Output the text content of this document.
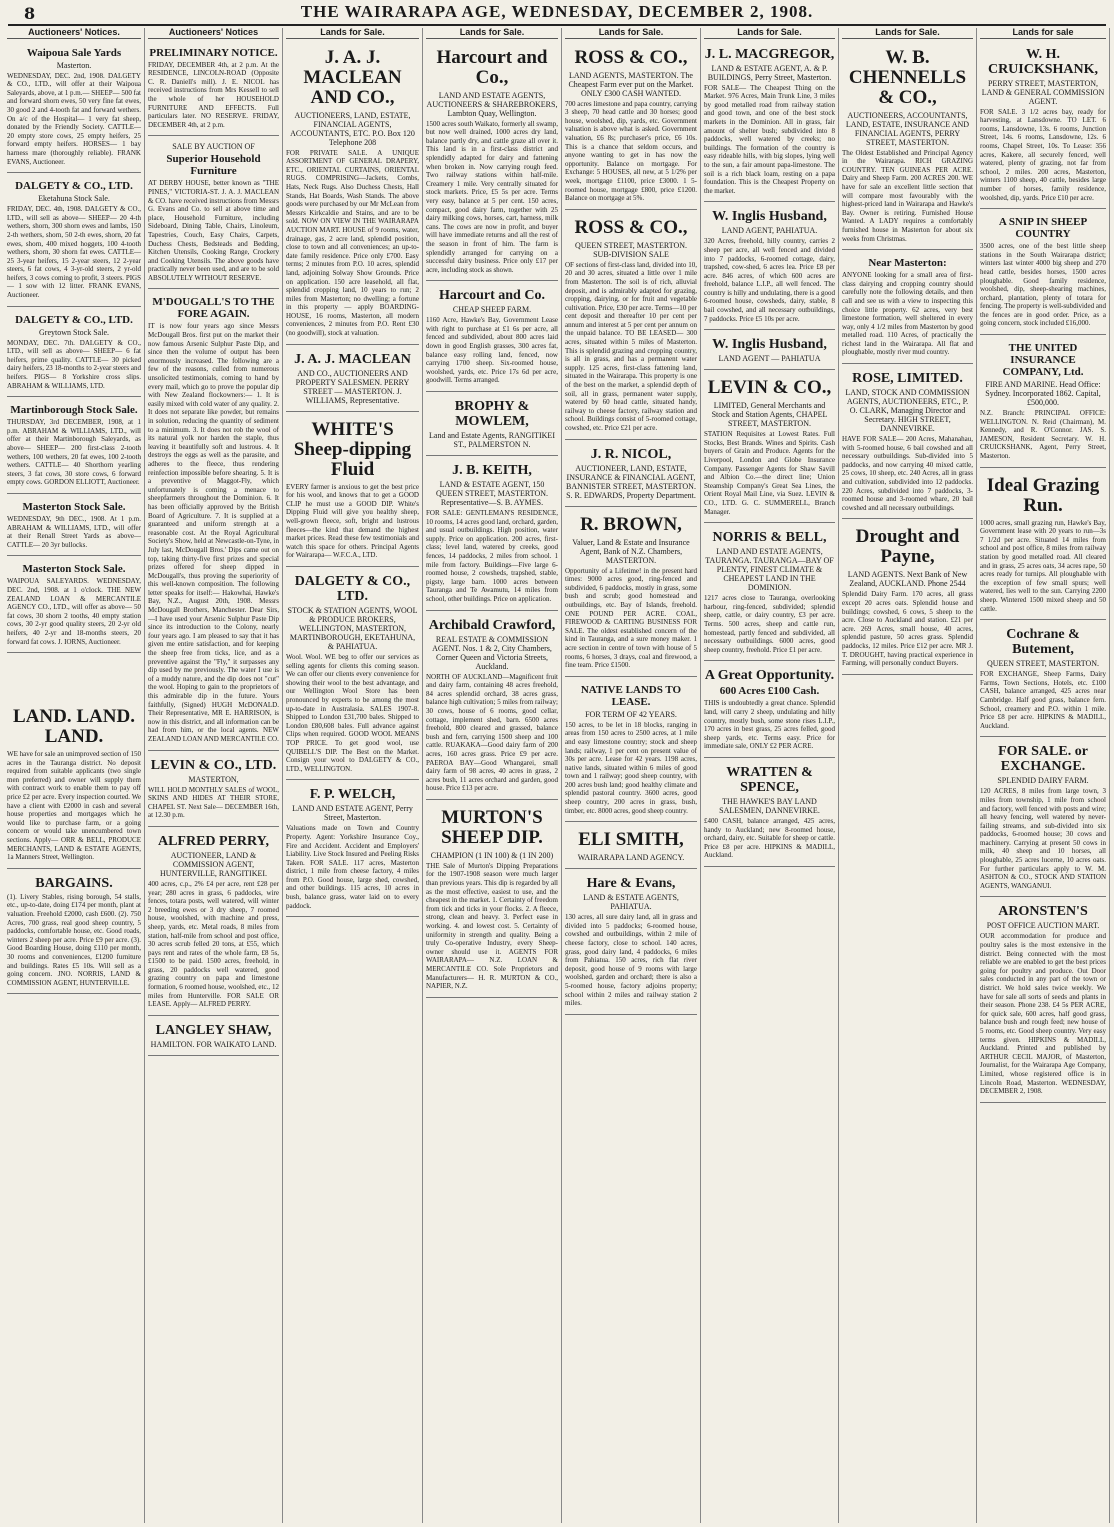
8	THE WAIRARAPA AGE, WEDNESDAY, DECEMBER 2, 1908.
Auctioneers' Notices.
Waipoua Sale Yards
Masterton.
WEDNESDAY, DEC. 2nd, 1908. DALGETY & CO., LTD., will offer at their Waipoua Saleyards, above, at 1 p.m.— SHEEP— 500 fat and forward shorn ewes, 50 very fine fat ewes, 30 good 2 and 4-tooth fat and forward wethers. On a/c of the Hospital— 1 very fat sheep, donated by the Friendly Society. CATTLE— 20 empty store cows, 25 empty heifers, 25 forward empty heifers. HORSES— 1 bay harness mare (thoroughly reliable). FRANK EVANS, Auctioneer.
DALGETY & CO., LTD.
Eketahuna Stock Sale.
FRIDAY, DEC. 4th, 1908. DALGETY & CO., LTD., will sell as above— SHEEP— 20 4-th wethers, shorn, 300 shorn ewes and lambs, 150 2-th wethers, shorn, 50 2-th ewes, shorn, 20 fat ewes, shorn, 400 mixed hoggets, 100 4-tooth wethers, shorn, 30 shorn fat ewes. CATTLE— 25 3-year heifers, 15 2-year steers, 12 2-year steers, 6 fat cows, 4 3-yr-old steers, 2 yr-old heifers, 3 cows coming to profit, 3 steers. PIGS— 1 sow with 12 litter. FRANK EVANS, Auctioneer.
DALGETY & CO., LTD.
Greytown Stock Sale.
MONDAY, DEC. 7th. DALGETY & CO., LTD., will sell as above— SHEEP— 6 fat heifers, prime quality. CATTLE— 30 picked dairy heifers, 23 18-months to 2-year steers and heifers. PIGS— 8 Yorkshire cross slips. ABRAHAM & WILLIAMS, LTD.
Martinborough Stock Sale.
THURSDAY, 3rd DECEMBER, 1908, at 1 p.m. ABRAHAM & WILLIAMS, LTD., will offer at their Martinborough Saleyards, as above— SHEEP— 200 first-class 2-tooth wethers, 100 wethers, 20 fat ewes, 100 2-tooth wethers. CATTLE— 40 Shorthorn yearling steers, 3 fat cows, 30 store cows, 6 forward empty cows. GORDON ELLIOTT, Auctioneer.
Masterton Stock Sale.
WEDNESDAY, 9th DEC., 1908. At 1 p.m. ABRAHAM & WILLIAMS, LTD., will offer at their Renall Street Yards as above— CATTLE— 20 3yr bullocks.
Masterton Stock Sale.
WAIPOUA SALEYARDS. WEDNESDAY, DEC. 2nd, 1908. at 1 o'clock. THE NEW ZEALAND LOAN & MERCANTILE AGENCY CO., LTD., will offer as above— 50 fat cows, 30 shorn 2 tooths, 40 empty station cows, 30 2-yr good quality steers, 20 2-yr old heifers, 40 2-yr and 18-months steers, 20 forward fat cows. J. IORNS, Auctioneer.
LAND. LAND. LAND.
WE have for sale an unimproved section of 150 acres in the Tauranga district. No deposit required from suitable applicants (two single men preferred) and owner will supply them with contract work to enable them to pay off price £2 per acre. Every inspection courted. We have a client with £2000 in cash and several house properties and mortgages which he would like to purchase farm, or a going concern or would take unencumbered town sections. Apply— ORR & BELL, PRODUCE MERCHANTS, LAND & ESTATE AGENTS, 1a Manners Street, Wellington.
BARGAINS.
(1). Livery Stables, rising borough, 54 stalls, etc., up-to-date, doing £174 per month, plant at valuation. Freehold £2000, cash £600. (2). 750 Acres, 700 grass, real good sheep country, 5 paddocks, comfortable house, etc. Good roads, winters 2 sheep per acre. Price £9 per acre. (3). Good Boarding House, doing £110 per month, 30 rooms and conveniences, £1200 furniture and buildings. Rates £5 10s. Will sell as a going concern. JNO. NORRIS, LAND & COMMISSION AGENT, HUNTERVILLE.
Auctioneers' Notices
PRELIMINARY NOTICE.
FRIDAY, DECEMBER 4th, at 2 p.m. At the RESIDENCE, LINCOLN-ROAD (Opposite C. R. Daniell's mill). J. E. NICOL has received instructions from Mrs Kessell to sell the whole of her HOUSEHOLD FURNITURE AND EFFECTS. Full particulars later. NO RESERVE. FRIDAY, DECEMBER 4th, at 2 p.m.
SALE BY AUCTION OF
Superior Household Furniture
AT DERBY HOUSE, better known as "THE PINES," VICTORIA-ST. J. A. J. MACLEAN & CO. have received instructions from Messrs G. Evans and Co. to sell at above time and place, Household Furniture, including Sideboard, Dining Table, Chairs, Linoleum, Tapestries, Couch, Easy Chairs, Carpets, Duchess Chests, Bedsteads and Bedding, Kitchen Utensils, Cooking Range, Crockery and Cooking Utensils. The above goods have practically never been used, and are to be sold ABSOLUTELY WITHOUT RESERVE.
M'DOUGALL'S TO THE FORE AGAIN.
IT is now four years ago since Messrs McDougall Bros. first put on the market their now famous Arsenic Sulphur Paste Dip, and since then the volume of output has been enormously increased. The following are a few of the reasons, culled from numerous unsolicited testimonials, coming to hand by every mail, which go to prove the popular dip with New Zealand flockowners:— 1. It is easily mixed with cold water of any quality. 2. It does not separate like powder, but remains in solution, reducing the quantity of sediment to a minimum. 3. It does not rob the wool of its natural yolk nor harden the staple, thus leaving it beautifully soft and lustrous. 4. It destroys the eggs as well as the parasite, and adheres to the fleece, thus rendering reinfection impossible before shearing. 5. It is a preventive of Maggot-Fly, which unfortunately is coming a menace to sheepfarmers throughout the Dominion. 6. It has been officially approved by the British Board of Agriculture. 7. It is supplied at a guaranteed and uniform strength at a reasonable cost. At the Royal Agricultural Society's Show, held at Newcastle-on-Tyne, in July last, McDougall Bros.' Dips came out on top, taking thirty-five first prizes and special prizes offered for sheep dipped in McDougall's, thus proving the superiority of this well-known composition. The following letter speaks for itself:— Hakowhai, Hawke's Bay, N.Z., August 20th, 1908. Messrs McDougall Brothers, Manchester. Dear Sirs,—I have used your Arsenic Sulphur Paste Dip since its introduction to the Colony, nearly four years ago. I am pleased to say that it has given me entire satisfaction, and for keeping the sheep free from ticks, lice, and as a preventive against the "Fly," it surpasses any dip used by me previously. The water I use is of a muddy nature, and the dip does not "cut" the wool. Hoping to gain to the proprietors of this admirable dip in the future. Yours faithfully, (Signed) HUGH McDONALD. Their Representative, MR E. HARRISON, is now in this district, and all information can be had from him, or the local agents. NEW ZEALAND LOAN AND MERCANTILE CO.
LEVIN & CO., LTD.
MASTERTON,
WILL HOLD MONTHLY SALES of WOOL, SKINS AND HIDES AT THEIR STORE, CHAPEL ST. Next Sale— DECEMBER 16th, at 12.30 p.m.
ALFRED PERRY,
AUCTIONEER, LAND & COMMISSION AGENT, HUNTERVILLE, RANGITIKEI.
400 acres, c.p., 2% £4 per acre, rent £28 per year; 280 acres in grass, 6 paddocks, wire fences, totara posts, well watered, will winter 2 breeding ewes or 3 dry sheep, 7 roomed house, woolshed, with machine and press, sheep, yards, etc. Metal roads, 8 miles from station, half-mile from school and post office, 30 acres scrub felled 20 tons, at £55, which pays rent and rates of the whole farm, £8 5s, £1500 to be paid. 1500 acres, freehold, in grass, 20 paddocks well watered, good grazing country on papa and limestone formation, 6 roomed house, woolshed, etc., 12 miles from Hunterville. FOR SALE OR LEASE. Apply— ALFRED PERRY.
LANGLEY SHAW,
HAMILTON. FOR WAIKATO LAND.
Lands for Sale.
J. A. J. MACLEAN AND CO.,
AUCTIONEERS, LAND, ESTATE, FINANCIAL AGENTS, ACCOUNTANTS, ETC. P.O. Box 120 Telephone 208
FOR PRIVATE SALE. A UNIQUE ASSORTMENT OF GENERAL DRAPERY, ETC., ORIENTAL CURTAINS, ORIENTAL RUGS. COMPRISING—Jackets, Combs, Hats, Neck Rugs. Also Duchess Chests, Hall Stands, Hat Boards, Wash Stands. The above goods were purchased by our Mr McLean from Messrs Kirkcaldie and Stains, and are to be sold. NOW ON VIEW IN THE WAIRARAPA AUCTION MART. HOUSE of 9 rooms, water, drainage, gas, 2 acre land, splendid position, close to town and all conveniences; an up-to-date family residence. Price only £700. Easy terms; 2 minutes from P.O. 10 acres, splendid land, adjoining Solway Show Grounds. Price on application. 150 acre leasehold, all flat, splendid cropping land, 10 years to run; 2 miles from Masterton; no dwelling; a fortune in this property — apply BOARDING-HOUSE, 16 rooms, Masterton, all modern conveniences, 2 minutes from P.O. Rent £30 (no goodwill), stock at valuation.
J. A. J. MACLEAN
AND CO., AUCTIONEERS AND PROPERTY SALESMEN. PERRY STREET — MASTERTON. J. WILLIAMS, Representative.
WHITE'S Sheep-dipping Fluid
EVERY farmer is anxious to get the best price for his wool, and knows that to get a GOOD CLIP he must use a GOOD DIP. White's Dipping Fluid will give you healthy sheep, well-grown fleece, soft, bright and lustrous fleeces—the kind that demand the highest market prices. Read these few testimonials and watch this space for others. Principal Agents for Wairarapa— W.F.C.A., LTD.
DALGETY & CO., LTD.
STOCK & STATION AGENTS, WOOL & PRODUCE BROKERS, WELLINGTON, MASTERTON, MARTINBOROUGH, EKETAHUNA, & PAHIATUA.
Wool. Wool. WE beg to offer our services as selling agents for clients this coming season. We can offer our clients every convenience for showing their wool to the best advantage, and our Wellington Wool Store has been pronounced by experts to be among the most up-to-date in Australasia. SALES 1907-8. Shipped to London £31,700 bales. Shipped to London £80,608 bales. Full advance against Clips when required. GOOD WOOL MEANS TOP PRICE. To get good wool, use QUIBELL'S DIP. The Best on the Market. Consign your wool to DALGETY & CO., LTD., WELLINGTON.
F. P. WELCH,
LAND AND ESTATE AGENT, Perry Street, Masterton.
Valuations made on Town and Country Property. Agent: Yorkshire Insurance Coy., Fire and Accident. Accident and Employers' Liability. Live Stock Insured and Peeling Risks Taken. FOR SALE. 117 acres, Masterton district, 1 mile from cheese factory, 4 miles from P.O. Good house, large shed, cowshed, and other buildings. 115 acres, 10 acres in bush, balance grass, water laid on to every paddock.
Lands for Sale.
Harcourt and Co.,
LAND AND ESTATE AGENTS, AUCTIONEERS & SHAREBROKERS, Lambton Quay, Wellington.
1500 acres south Waikato, formerly all swamp, but now well drained, 1000 acres dry land, balance partly dry, and cattle graze all over it. This land is in a first-class district and splendidly adapted for dairy and fattening when broken in. Now carrying rough feed. Two railway stations within half-mile. Creamery 1 mile. Very centrally situated for stock markets. Price, £5 5s per acre. Terms very easy, balance at 5 per cent. 150 acres, compact, good dairy farm, together with 25 dairy milking cows, horses, cart, harness, milk cans. The cows are now in profit, and buyer will have immediate returns and all the rest of the season in front of him. The farm is splendidly arranged for carrying on a successful dairy business. Price only £17 per acre, including stock as shown.
Harcourt and Co.
CHEAP SHEEP FARM.
1160 Acre, Hawke's Bay, Government Lease with right to purchase at £1 6s per acre, all fenced and subdivided, about 800 acres laid down in good English grasses, 300 acres fat, balance easy rolling land, fenced, now carrying 1700 sheep. Six-roomed house, woolshed, yards, etc. Price 17s 6d per acre, goodwill. Terms arranged.
BROPHY & MOWLEM,
Land and Estate Agents, RANGITIKEI ST., PALMERSTON N.
J. B. KEITH,
LAND & ESTATE AGENT, 150 QUEEN STREET, MASTERTON. Representative—S. B. AYMES.
FOR SALE: GENTLEMAN'S RESIDENCE, 10 rooms, 14 acres good land, orchard, garden, and usual outbuildings. High position, water supply. Price on application. 200 acres, first-class; level land, watered by creeks, good fences, 14 paddocks, 2 miles from school. 1 mile from factory. Buildings—Five large 6-roomed house, 2 cowsheds, trapshed, stable, pigsty, large barn. 1000 acres between Tauranga and Te Awamutu, 14 miles from school, other buildings. Price on application.
Archibald Crawford,
REAL ESTATE & COMMISSION AGENT. Nos. 1 & 2, City Chambers, Corner Queen and Victoria Streets, Auckland.
NORTH OF AUCKLAND—Magnificent fruit and dairy farm, containing 48 acres freehold, 84 acres splendid orchard, 38 acres grass, balance high cultivation; 5 miles from railway; 30 cows, house of 6 rooms, good cellar, cottage, implement shed, barn. 6500 acres freehold, 800 cleared and grassed, balance bush and fern, carrying 1500 sheep and 100 cattle. RUAKAKA—Good dairy farm of 200 acres, 160 acres grass. Price £9 per acre. PAEROA BAY—Good Whangarei, small dairy farm of 98 acres, 40 acres in grass, 2 acres bush, 11 acres orchard and garden, good house. Price £13 per acre.
MURTON'S SHEEP DIP.
CHAMPION (1 IN 100) & (1 IN 200)
THE Sale of Murton's Dipping Preparations for the 1907-1908 season were much larger than previous years. This dip is regarded by all as the most effective, easiest to use, and the cheapest in the market. 1. Certainty of freedom from tick and ticks in your flocks. 2. A fleece, strong, clean and heavy. 3. Perfect ease in working. 4. and lowest cost. 5. Certainty of uniformity in strength and quality. Being a truly Co-operative Industry, every Sheep-owner should use it. AGENTS FOR WAIRARAPA— N.Z. LOAN & MERCANTILE CO. Sole Proprietors and Manufacturers— H. R. MURTON & CO., NAPIER, N.Z.
Lands for Sale.
ROSS & CO.,
LAND AGENTS, MASTERTON. The Cheapest Farm ever put on the Market. ONLY £300 CASH WANTED.
700 acres limestone and papa country, carrying 3 sheep, 70 head cattle and 30 horses; good house, woolshed, dip, yards, etc. Government valuation is above what is asked. Government valuation, £6 8s; purchaser's price, £6 10s. This is a chance that seldom occurs, and anyone wanting to get in has now the opportunity. Balance on mortgage. For Exchange: 5 HOUSES, all new, at 5 1/2% per week, mortgage £1100, price £3000. 1 5-roomed house, mortgage £800, price £1200. Balance on mortgage at 5%.
ROSS & CO.,
QUEEN STREET, MASTERTON. SUB-DIVISION SALE
OF sections of first-class land, divided into 10, 20 and 30 acres, situated a little over 1 mile from Masterton. The soil is of rich, alluvial deposit, and is admirably adapted for grazing, cropping, dairying, or for fruit and vegetable cultivation. Price, £30 per acre. Terms—10 per cent deposit and thereafter 10 per cent per annum and interest at 5 per cent per annum on the unpaid balance. TO BE LEASED— 300 acres, situated within 5 miles of Masterton. This is splendid grazing and cropping country, is all in grass, and has a permanent water supply. 125 acres, first-class fattening land, situated in the Wairarapa. This property is one of the best on the market, a splendid depth of soil, all in grass, permanent water supply, watered by 60 head cattle, situated handy, railway to cheese factory, railway station and school. Buildings consist of 5-roomed cottage, cowshed, etc. Price £21 per acre.
J. R. NICOL,
AUCTIONEER, LAND, ESTATE, INSURANCE & FINANCIAL AGENT, BANNISTER STREET, MASTERTON. S. R. EDWARDS, Property Department.
R. BROWN,
Valuer, Land & Estate and Insurance Agent, Bank of N.Z. Chambers, MASTERTON.
Opportunity of a Lifetime! in the present hard times: 9000 acres good, ring-fenced and subdivided, 6 paddocks, mostly in grass, some bush and scrub; good homestead and outbuildings, etc. Bay of Islands, freehold. ONE POUND PER ACRE. COAL, FIREWOOD & CARTING BUSINESS FOR SALE. The oldest established concern of the kind in Tauranga, and a sure money maker. 1 acre section in centre of town with house of 5 rooms, 6 horses, 3 drays, coal and firewood, a fine team. Price £1500.
NATIVE LANDS TO LEASE.
FOR TERM OF 42 YEARS.
150 acres, to be let in 18 blocks, ranging in areas from 150 acres to 2500 acres, at 1 mile and easy limestone country; stock and sheep lands; railway, 1 per cent on present value of 30s per acre. Lease for 42 years. 1198 acres, native lands, situated within 6 miles of good town and 1 railway; good sheep country, with 200 acres bush land; good healthy climate and splendid pastoral country. 3600 acres, good sheep country, 200 acres in grass, bush, timber, etc. 8000 acres, good sheep country.
ELI SMITH,
WAIRARAPA LAND AGENCY.
Hare & Evans,
LAND & ESTATE AGENTS, PAHIATUA.
130 acres, all sure dairy land, all in grass and divided into 5 paddocks; 6-roomed house, cowshed and outbuildings, within 2 mile of cheese factory, close to school. 140 acres, grass, good dairy land, 4 paddocks, 6 miles from Pahiatua. 150 acres, rich flat river deposit, good house of 9 rooms with large woolshed, garden and orchard; there is also a 5-roomed house, factory adjoins property; school within 2 miles and railway station 2 miles.
Lands for Sale.
J. L. MACGREGOR,
LAND & ESTATE AGENT, A. & P. BUILDINGS, Perry Street, Masterton.
FOR SALE— The Cheapest Thing on the Market. 976 Acres, Main Trunk Line, 3 miles by good metalled road from railway station and good town, and one of the best stock markets in the Dominion. All in grass, fair amount of shelter bush; subdivided into 8 paddocks, well watered by creeks; no buildings. The formation of the country is easy rideable hills, with big slopes, lying well to the sun, a fair amount papa-limestone. The soil is a rich black loam, resting on a papa foundation. This is the Cheapest Property on the market.
W. Inglis Husband,
LAND AGENT, PAHIATUA.
320 Acres, freehold, hilly country, carries 2 sheep per acre, all well fenced and divided into 7 paddocks, 6-roomed cottage, dairy, trapshed, cow-shed, 6 acres lea. Price £8 per acre. 846 acres, of which 600 acres are freehold, balance L.I.P., all well fenced. The country is hilly and undulating, there is a good 6-roomed house, cowsheds, dairy, stable, 8 bail cowshed, and all necessary outbuildings, 7 paddocks. Price £5 10s per acre.
W. Inglis Husband,
LAND AGENT — PAHIATUA
LEVIN & CO.,
LIMITED, General Merchants and Stock and Station Agents, CHAPEL STREET, MASTERTON.
STATION Requisites at Lowest Rates. Full Stocks, Best Brands. Wines and Spirits. Cash buyers of Grain and Produce. Agents for the Liverpool, London and Globe Insurance Company. Passenger Agents for Shaw Savill and Albion Co.—the direct line; Union Steamship Company's Great Sea Lines, the Orient Royal Mail Line, via Suez. LEVIN & CO., LTD. G. C. SUMMERELL, Branch Manager.
NORRIS & BELL,
LAND AND ESTATE AGENTS, TAURANGA. TAURANGA—BAY OF PLENTY, FINEST CLIMATE & CHEAPEST LAND IN THE DOMINION.
1217 acres close to Tauranga, overlooking harbour, ring-fenced, subdivided; splendid sheep, cattle, or dairy country, £3 per acre. Terms. 500 acres, sheep and cattle run, homestead, partly fenced and subdivided, all necessary outbuildings. 6000 acres, good sheep country, freehold. Price £1 per acre.
A Great Opportunity.
600 Acres £100 Cash.
THIS is undoubtedly a great chance. Splendid land, will carry 2 sheep, undulating and hilly country, mostly bush, some stone rises L.I.P., 170 acres in best grass, 25 acres felled, good sheep yards, etc. Terms easy. Price for immediate sale, ONLY £2 PER ACRE.
WRATTEN & SPENCE,
THE HAWKE'S BAY LAND SALESMEN, DANNEVIRKE.
£400 CASH, balance arranged, 425 acres, handy to Auckland; new 8-roomed house, orchard, dairy, etc. Suitable for sheep or cattle. Price £8 per acre. HIPKINS & MADILL, Auckland.
Lands for Sale.
W. B. CHENNELLS & CO.,
AUCTIONEERS, ACCOUNTANTS, LAND, ESTATE, INSURANCE AND FINANCIAL AGENTS, PERRY STREET, MASTERTON.
The Oldest Established and Principal Agency in the Wairarapa. RICH GRAZING COUNTRY. TEN GUINEAS PER ACRE. Dairy and Sheep Farm. 200 ACRES 200. WE have for sale an excellent little section that will compare most favourably with the highest-priced land in Wairarapa and Hawke's Bay. Owner is retiring. Furnished House Wanted. A LADY requires a comfortably furnished house in Masterton for about six weeks from Christmas.
Near Masterton:
ANYONE looking for a small area of first-class dairying and cropping country should carefully note the following details, and then call and see us with a view to inspecting this choice little property. 62 acres, very best limestone formation, well sheltered in every way, only 4 1/2 miles from Masterton by good metalled road. 110 Acres, of practically the richest land in the Wairarapa. All flat and ploughable, mostly river mud country.
ROSE, LIMITED.
LAND, STOCK AND COMMISSION AGENTS, AUCTIONEERS, ETC., P. O. CLARK, Managing Director and Secretary. HIGH STREET, DANNEVIRKE.
HAVE FOR SALE— 200 Acres, Mahanahau, with 5-roomed house, 6 bail cowshed and all necessary outbuildings. Sub-divided into 5 paddocks, and now carrying 40 mixed cattle, 25 cows, 10 sheep, etc. 240 Acres, all in grass and cultivation, subdivided into 12 paddocks. 220 Acres, subdivided into 7 paddocks, 3-roomed house and 3-roomed whare, 20 bail cowshed and all necessary outbuildings.
Drought and Payne,
LAND AGENTS. Next Bank of New Zealand, AUCKLAND. Phone 2544
Splendid Dairy Farm. 170 acres, all grass except 20 acres oats. Splendid house and buildings; cowshed, 6 cows, 5 sheep to the acre. Close to Auckland and station. £21 per acre. 269 Acres, small house, 40 acres, splendid pasture, 50 acres grass. Splendid paddocks, 12 miles. Price £12 per acre. MR J. T. DROUGHT, having practical experience in Farming, will personally conduct Buyers.
Lands for sale
W. H. CRUICKSHANK,
PERRY STREET, MASTERTON, LAND & GENERAL COMMISSION AGENT.
FOR SALE. 3 1/2 acres bay, ready for harvesting, at Lansdowne. TO LET. 6 rooms, Lansdowne, 13s. 6 rooms, Junction Street, 14s. 6 rooms, Lansdowne, 12s. 6 rooms, Chapel Street, 10s. To Lease: 356 acres, Kakere, all securely fenced, well watered, plenty of grazing, not far from school, 2 miles. 200 acres, Masterton, winters 1100 sheep, 40 cattle, besides large number of horses, family residence, woolshed, dip, yards. Price £10 per acre.
A SNIP IN SHEEP COUNTRY
3500 acres, one of the best little sheep stations in the South Wairarapa district; winters last winter 4000 big sheep and 270 head cattle, besides horses, 1500 acres ploughable. Good family residence, woolshed, dip, sheep-shearing machines, orchard, plantation, plenty of totara for fencing. The property is well-subdivided and the fences are in good order. Price, as a going concern, stock included £16,000.
THE UNITED INSURANCE COMPANY, Ltd.
FIRE AND MARINE. Head Office: Sydney. Incorporated 1862. Capital, £500,000.
N.Z. Branch: PRINCIPAL OFFICE: WELLINGTON. N. Reid (Chairman), M. Kennedy, and R. O'Connor. JAS. S. JAMESON, Resident Secretary. W. H. CRUICKSHANK, Agent, Perry Street, Masterton.
Ideal Grazing Run.
1000 acres, small grazing run, Hawke's Bay, Government lease with 20 years to run—3s 7 1/2d per acre. Situated 14 miles from school and post office, 8 miles from railway station by good metalled road. All cleared and in grass, 25 acres oats, 34 acres rape, 50 acres ready for turnips. All ploughable with the exception of few small spurs; well watered, lies well to the sun. Carrying 2200 sheep. Wintered 1500 mixed sheep and 50 cattle.
Cochrane & Butement,
QUEEN STREET, MASTERTON.
FOR EXCHANGE, Sheep Farms, Dairy Farms, Town Sections, Hotels, etc. £100 CASH, balance arranged, 425 acres near Cambridge. Half good grass, balance fern. School, creamery and P.O. within 1 mile. Price £8 per acre. HIPKINS & MADILL, Auckland.
FOR SALE. or EXCHANGE.
SPLENDID DAIRY FARM.
120 ACRES, 8 miles from large town, 3 miles from township, 1 mile from school and factory, well fenced with posts and wire; all heavy fencing, well watered by never-failing streams, and sub-divided into six paddocks, 6-roomed house; 30 cows and machinery. Carrying at present 50 cows in milk, 40 sheep and 10 horses, all ploughable, 25 acres lucerne, 10 acres oats. For further particulars apply to W. M. ASHTON & CO., STOCK AND STATION AGENTS, WANGANUI.
ARONSTEN'S
POST OFFICE AUCTION MART.
OUR accommodation for produce and poultry sales is the most extensive in the district. Being connected with the most reliable we are enabled to get the best prices going for poultry and produce. Out Door sales conducted in any part of the town or district. We hold sales twice weekly. We have for sale all sorts of seeds and plants in their season. Phone 238. £4 5s PER ACRE, for quick sale, 600 acres, half good grass, balance bush and rough feed; new house of 5 rooms, etc. Good sheep country. Very easy terms given. HIPKINS & MADILL, Auckland. Printed and published by ARTHUR CECIL MAJOR, of Masterton, Journalist, for the Wairarapa Age Company, Limited, whose registered office is in Lincoln Road, Masterton. WEDNESDAY, DECEMBER 2, 1908.
